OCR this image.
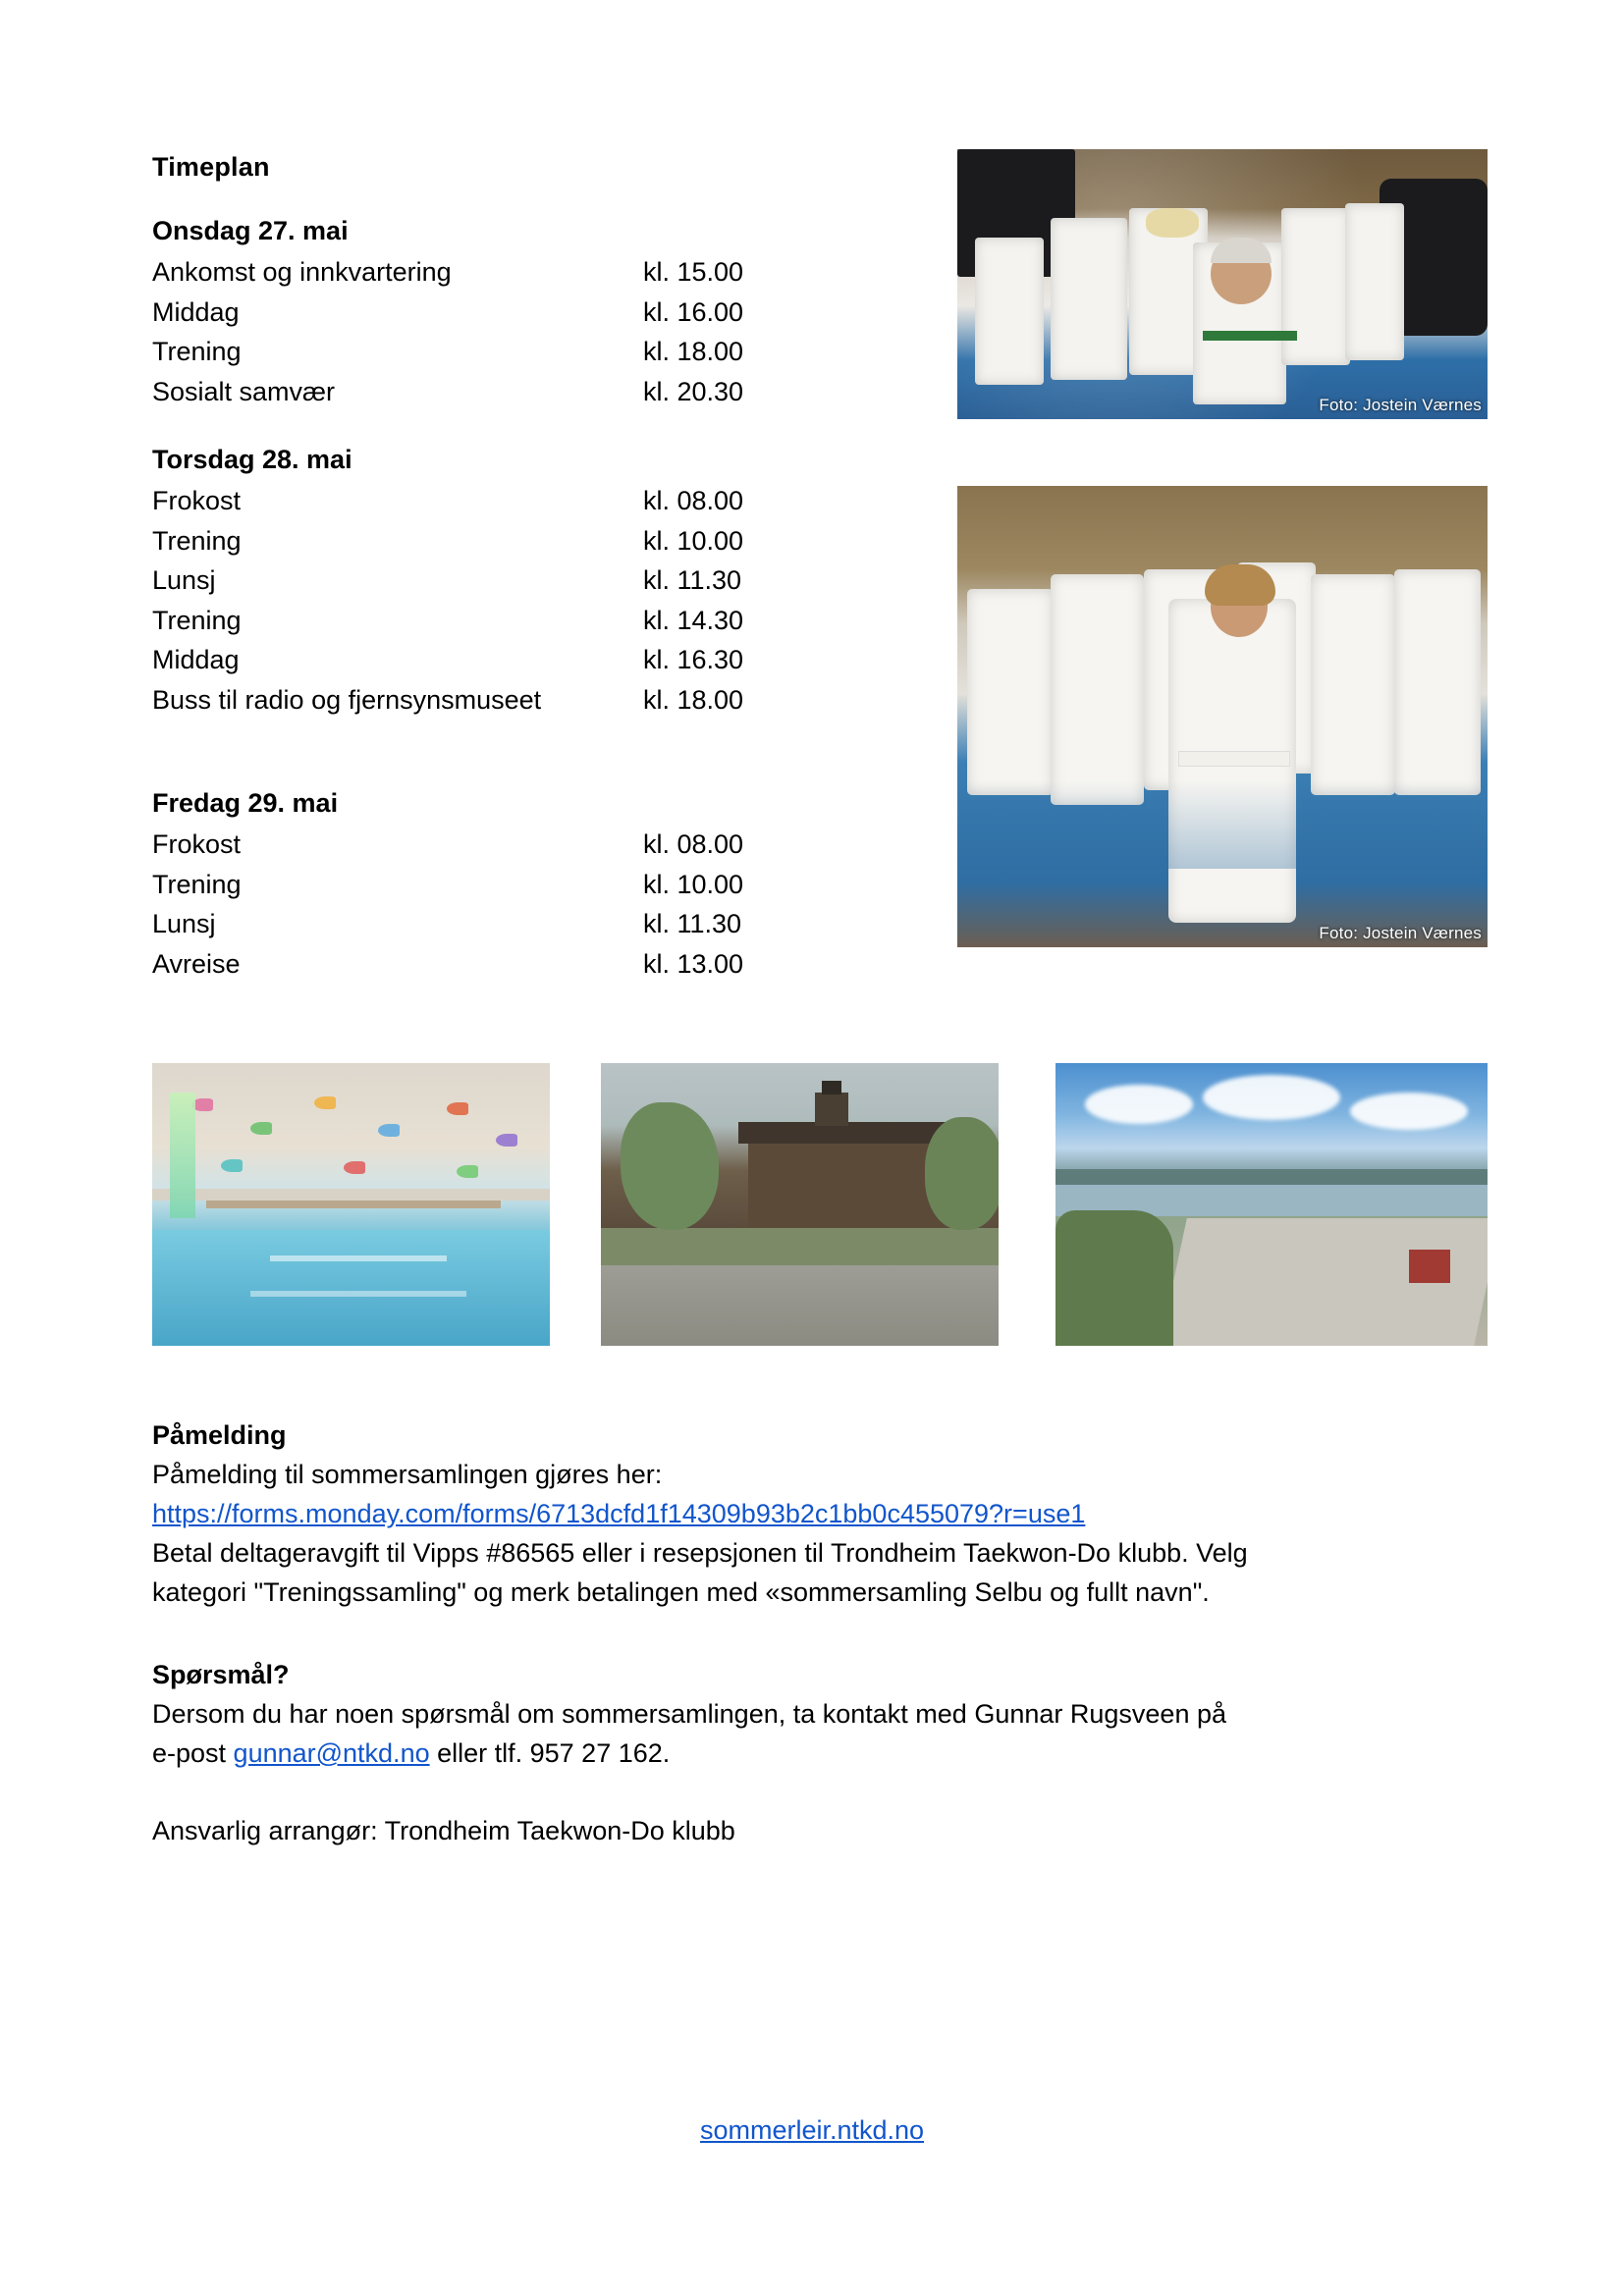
Timeplan
Onsdag 27. mai
Ankomst og innkvartering	kl. 15.00
Middag	kl. 16.00
Trening	kl. 18.00
Sosialt samvær	kl. 20.30
Torsdag 28. mai
Frokost	kl. 08.00
Trening	kl. 10.00
Lunsj	kl. 11.30
Trening	kl. 14.30
Middag	kl. 16.30
Buss til radio og fjernsynsmuseet	kl. 18.00
Fredag 29. mai
Frokost	kl. 08.00
Trening	kl. 10.00
Lunsj	kl. 11.30
Avreise	kl. 13.00
Foto: Jostein Værnes
Foto: Jostein Værnes
Påmelding
Påmelding til sommersamlingen gjøres her:
https://forms.monday.com/forms/6713dcfd1f14309b93b2c1bb0c455079?r=use1
Betal deltageravgift til Vipps #86565 eller i resepsjonen til Trondheim Taekwon-Do klubb. Velg
kategori "Treningssamling" og merk betalingen med «sommersamling Selbu og fullt navn".
Spørsmål?
Dersom du har noen spørsmål om sommersamlingen, ta kontakt med Gunnar Rugsveen på
e-post gunnar@ntkd.no eller tlf. 957 27 162.
Ansvarlig arrangør: Trondheim Taekwon-Do klubb
sommerleir.ntkd.no
